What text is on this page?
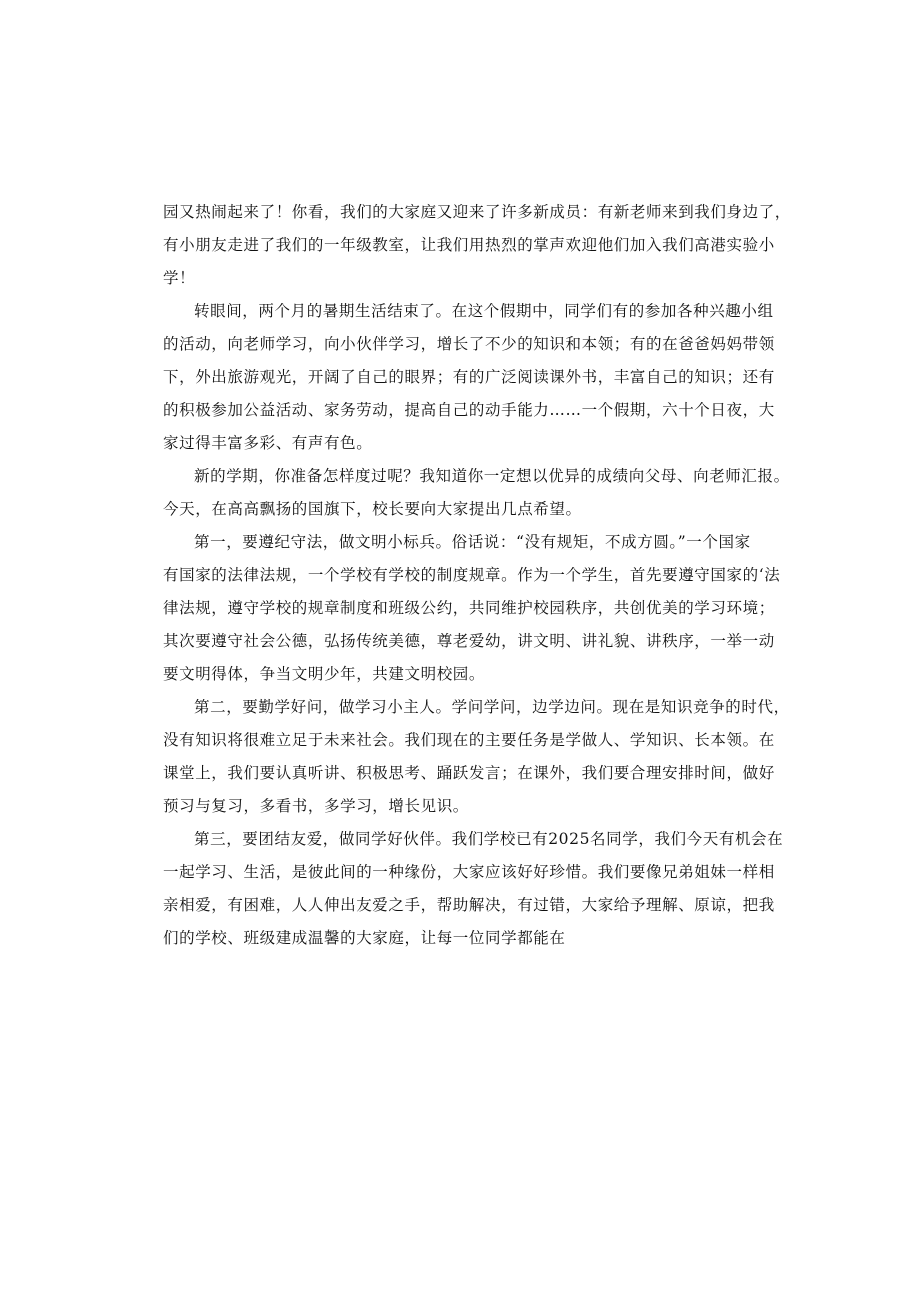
园又热闹起来了！你看，我们的大家庭又迎来了许多新成员：有新老师来到我们身边了，
有小朋友走进了我们的一年级教室，让我们用热烈的掌声欢迎他们加入我们高港实验小
学！
转眼间，两个月的暑期生活结束了。在这个假期中，同学们有的参加各种兴趣小组
的活动，向老师学习，向小伙伴学习，增长了不少的知识和本领；有的在爸爸妈妈带领
下，外出旅游观光，开阔了自己的眼界；有的广泛阅读课外书，丰富自己的知识；还有
的积极参加公益活动、家务劳动，提高自己的动手能力……一个假期，六十个日夜，大
家过得丰富多彩、有声有色。
新的学期，你准备怎样度过呢？我知道你一定想以优异的成绩向父母、向老师汇报。
今天，在高高飘扬的国旗下，校长要向大家提出几点希望。
第一，要遵纪守法，做文明小标兵。俗话说：“没有规矩，不成方圆。”一个国家
有国家的法律法规，一个学校有学校的制度规章。作为一个学生，首先要遵守国家的‘法
律法规，遵守学校的规章制度和班级公约，共同维护校园秩序，共创优美的学习环境；
其次要遵守社会公德，弘扬传统美德，尊老爱幼，讲文明、讲礼貌、讲秩序，一举一动
要文明得体，争当文明少年，共建文明校园。
第二，要勤学好问，做学习小主人。学问学问，边学边问。现在是知识竞争的时代，
没有知识将很难立足于未来社会。我们现在的主要任务是学做人、学知识、长本领。在
课堂上，我们要认真听讲、积极思考、踊跃发言；在课外，我们要合理安排时间，做好
预习与复习，多看书，多学习，增长见识。
第三，要团结友爱，做同学好伙伴。我们学校已有2025名同学，我们今天有机会在
一起学习、生活，是彼此间的一种缘份，大家应该好好珍惜。我们要像兄弟姐妹一样相
亲相爱，有困难，人人伸出友爱之手，帮助解决，有过错，大家给予理解、原谅，把我
们的学校、班级建成温馨的大家庭，让每一位同学都能在
